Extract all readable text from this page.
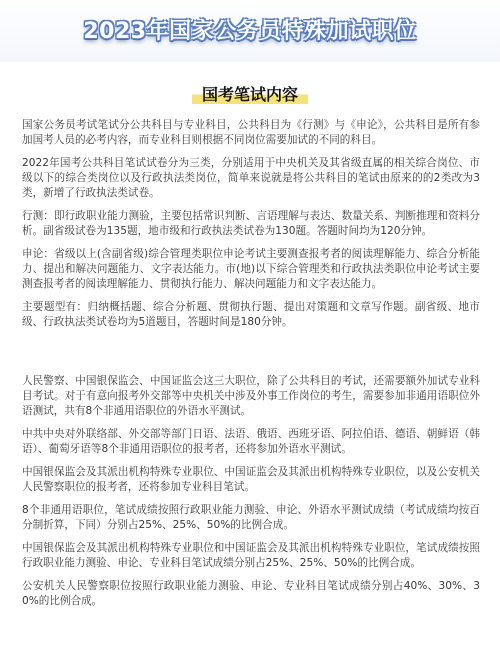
2023年国家公务员特殊加试职位
国考笔试内容

国家公务员考试笔试分公共科目与专业科目，公共科目为《行测》与《申论》，公共科目是所有参加国考人员的必考内容，而专业科目则根据不同岗位需要加试的不同的科目。

2022年国考公共科目笔试试卷分为三类，分别适用于中央机关及其省级直属的相关综合岗位、市级以下的综合类岗位以及行政执法类岗位，简单来说就是将公共科目的笔试由原来的的2类改为3类，新增了行政执法类试卷。

行测：即行政职业能力测验，主要包括常识判断、言语理解与表达、数量关系、判断推理和资料分析。副省级试卷为135题，地市级和行政执法类试卷为130题。答题时间均为120分钟。

申论：省级以上(含副省级)综合管理类职位申论考试主要测查报考者的阅读理解能力、综合分析能力、提出和解决问题能力、文字表达能力。市(地)以下综合管理类和行政执法类职位申论考试主要测查报考者的阅读理解能力、贯彻执行能力、解决问题能力和文字表达能力。

主要题型有：归纳概括题、综合分析题、贯彻执行题、提出对策题和文章写作题。副省级、地市级、行政执法类试卷均为5道题目，答题时间是180分钟。

人民警察、中国银保监会、中国证监会这三大职位，除了公共科目的考试，还需要额外加试专业科目考试。对于有意向报考外交部等中央机关中涉及外事工作岗位的考生，需要参加非通用语职位外语测试，共有8个非通用语职位的外语水平测试。

中共中央对外联络部、外交部等部门日语、法语、俄语、西班牙语、阿拉伯语、德语、朝鲜语（韩语）、葡萄牙语等8个非通用语职位的报考者，还将参加外语水平测试。

中国银保监会及其派出机构特殊专业职位、中国证监会及其派出机构特殊专业职位，以及公安机关人民警察职位的报考者，还将参加专业科目笔试。

8个非通用语职位，笔试成绩按照行政职业能力测验、申论、外语水平测试成绩（考试成绩均按百分制折算，下同）分别占25%、25%、50%的比例合成。

中国银保监会及其派出机构特殊专业职位和中国证监会及其派出机构特殊专业职位，笔试成绩按照行政职业能力测验、申论、专业科目笔试成绩分别占25%、25%、50%的比例合成。

公安机关人民警察职位按照行政职业能力测验、申论、专业科目笔试成绩分别占40%、30%、30%的比例合成。
